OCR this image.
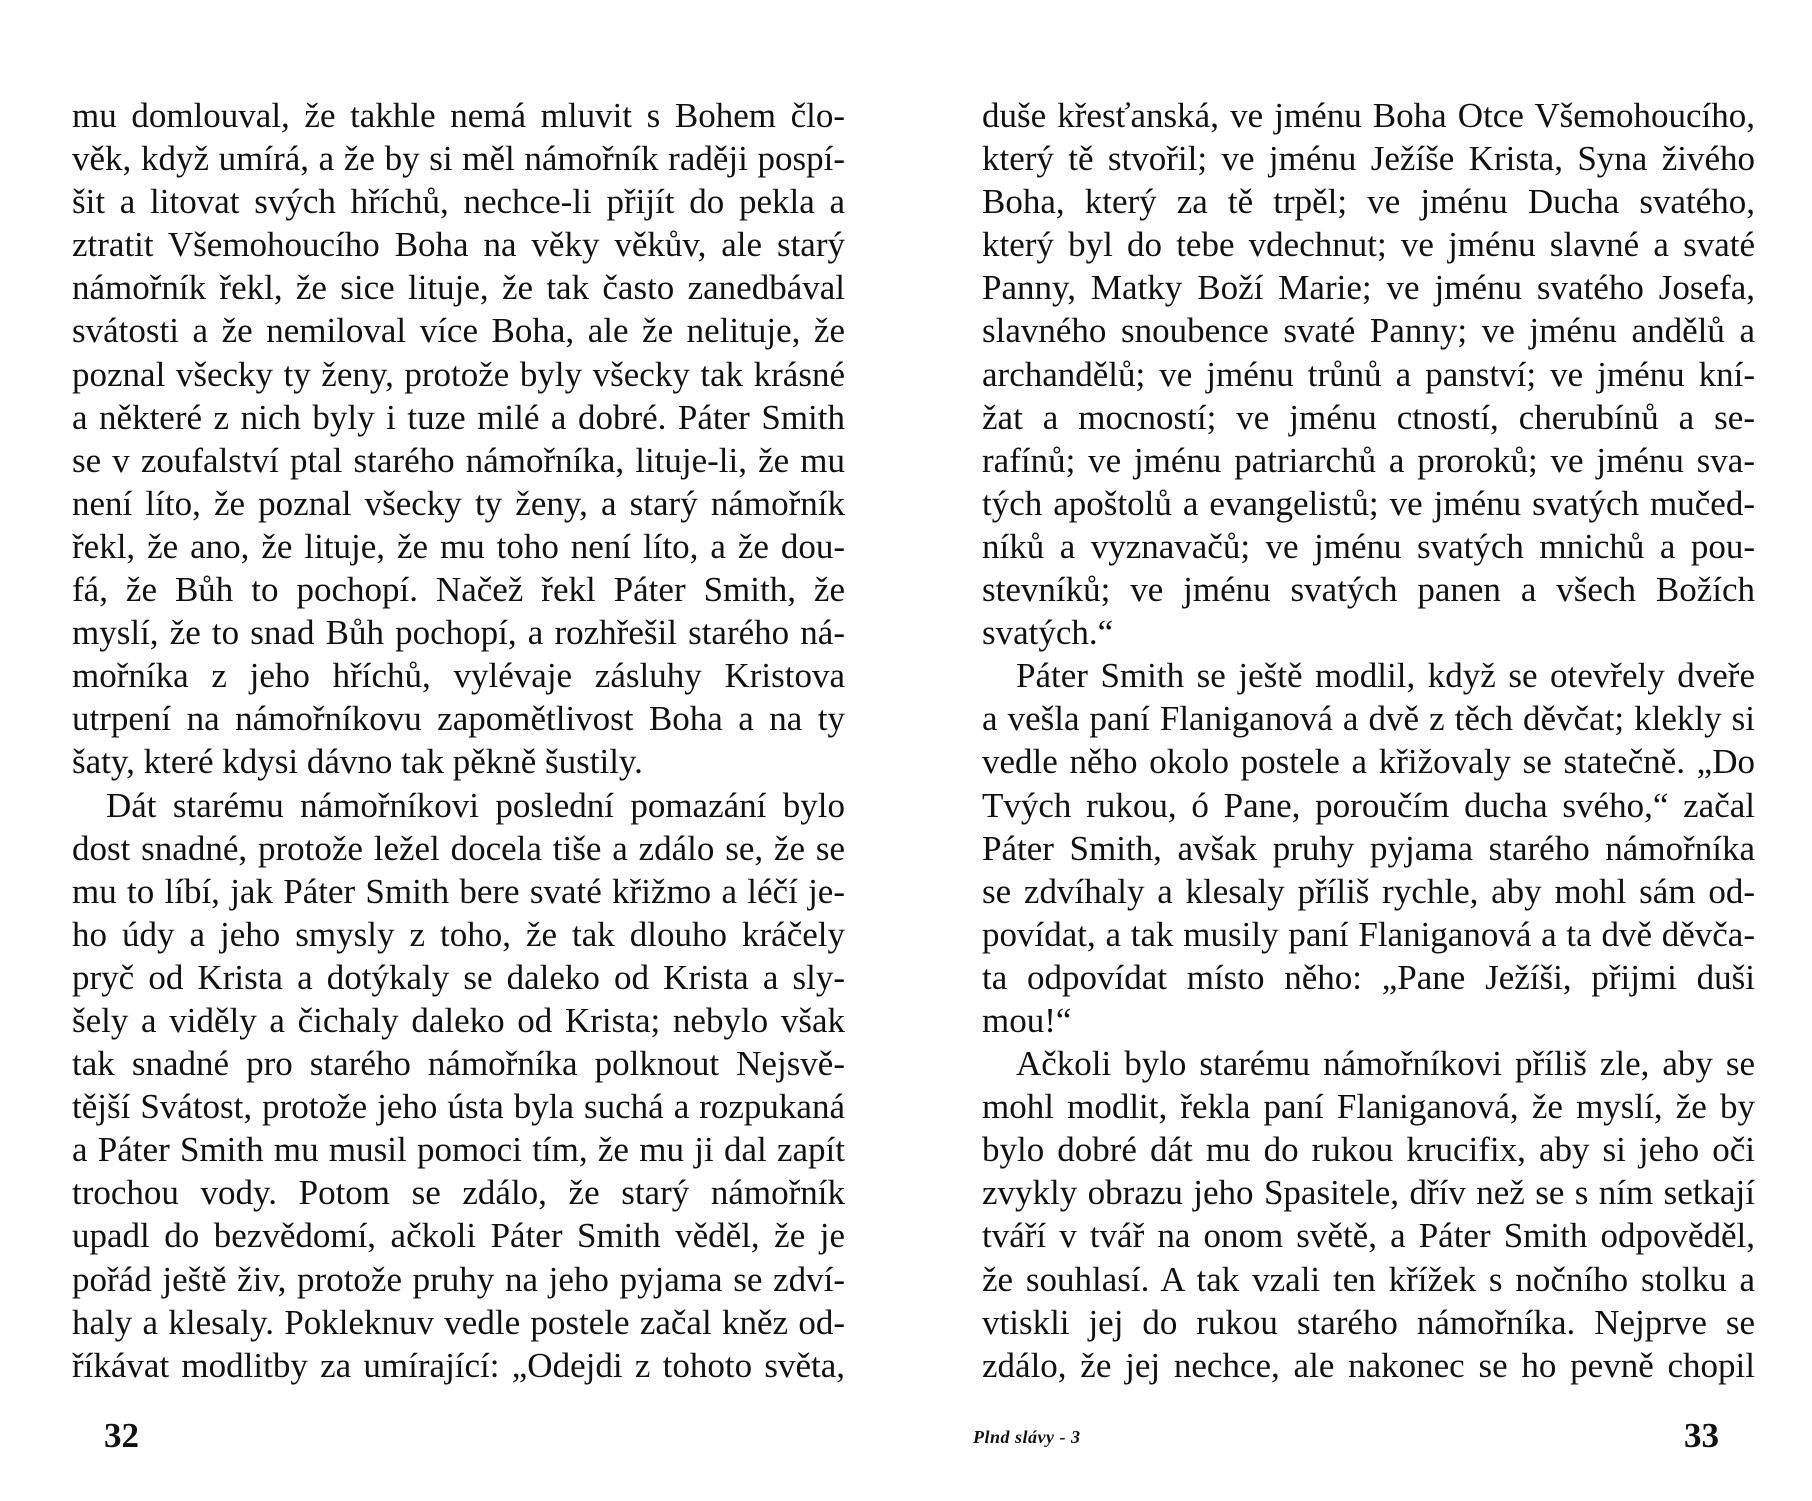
mu domlouval, že takhle nemá mluvit s Bohem člo-
věk, když umírá, a že by si měl námořník raději pospí-
šit a litovat svých hříchů, nechce-li přijít do pekla a
ztratit Všemohoucího Boha na věky věkův, ale starý
námořník řekl, že sice lituje, že tak často zanedbával
svátosti a že nemiloval více Boha, ale že nelituje, že
poznal všecky ty ženy, protože byly všecky tak krásné
a některé z nich byly i tuze milé a dobré. Páter Smith
se v zoufalství ptal starého námořníka, lituje-li, že mu
není líto, že poznal všecky ty ženy, a starý námořník
řekl, že ano, že lituje, že mu toho není líto, a že dou-
fá, že Bůh to pochopí. Načež řekl Páter Smith, že
myslí, že to snad Bůh pochopí, a rozhřešil starého ná-
mořníka z jeho hříchů, vylévaje zásluhy Kristova
utrpení na námořníkovu zapomětlivost Boha a na ty
šaty, které kdysi dávno tak pěkně šustily.
Dát starému námořníkovi poslední pomazání bylo
dost snadné, protože ležel docela tiše a zdálo se, že se
mu to líbí, jak Páter Smith bere svaté křižmo a léčí je-
ho údy a jeho smysly z toho, že tak dlouho kráčely
pryč od Krista a dotýkaly se daleko od Krista a sly-
šely a viděly a čichaly daleko od Krista; nebylo však
tak snadné pro starého námořníka polknout Nejsvě-
tější Svátost, protože jeho ústa byla suchá a rozpukaná
a Páter Smith mu musil pomoci tím, že mu ji dal zapít
trochou vody. Potom se zdálo, že starý námořník
upadl do bezvědomí, ačkoli Páter Smith věděl, že je
pořád ještě živ, protože pruhy na jeho pyjama se zdví-
haly a klesaly. Pokleknuv vedle postele začal kněz od-
říkávat modlitby za umírající: „Odejdi z tohoto světa,
32
duše křesťanská, ve jménu Boha Otce Všemohoucího,
který tě stvořil; ve jménu Ježíše Krista, Syna živého
Boha, který za tě trpěl; ve jménu Ducha svatého,
který byl do tebe vdechnut; ve jménu slavné a svaté
Panny, Matky Boží Marie; ve jménu svatého Josefa,
slavného snoubence svaté Panny; ve jménu andělů a
archandělů; ve jménu trůnů a panství; ve jménu kní-
žat a mocností; ve jménu ctností, cherubínů a se-
rafínů; ve jménu patriarchů a proroků; ve jménu sva-
tých apoštolů a evangelistů; ve jménu svatých mučed-
níků a vyznavačů; ve jménu svatých mnichů a pou-
stevníků; ve jménu svatých panen a všech Božích
svatých.“
Páter Smith se ještě modlil, když se otevřely dveře
a vešla paní Flaniganová a dvě z těch děvčat; klekly si
vedle něho okolo postele a křižovaly se statečně. „Do
Tvých rukou, ó Pane, poroučím ducha svého,“ začal
Páter Smith, avšak pruhy pyjama starého námořníka
se zdvíhaly a klesaly příliš rychle, aby mohl sám od-
povídat, a tak musily paní Flaniganová a ta dvě děvča-
ta odpovídat místo něho: „Pane Ježíši, přijmi duši
mou!“
Ačkoli bylo starému námořníkovi příliš zle, aby se
mohl modlit, řekla paní Flaniganová, že myslí, že by
bylo dobré dát mu do rukou krucifix, aby si jeho oči
zvykly obrazu jeho Spasitele, dřív než se s ním setkají
tváří v tvář na onom světě, a Páter Smith odpověděl,
že souhlasí. A tak vzali ten křížek s nočního stolku a
vtiskli jej do rukou starého námořníka. Nejprve se
zdálo, že jej nechce, ale nakonec se ho pevně chopil
Plnd slávy - 3	33
